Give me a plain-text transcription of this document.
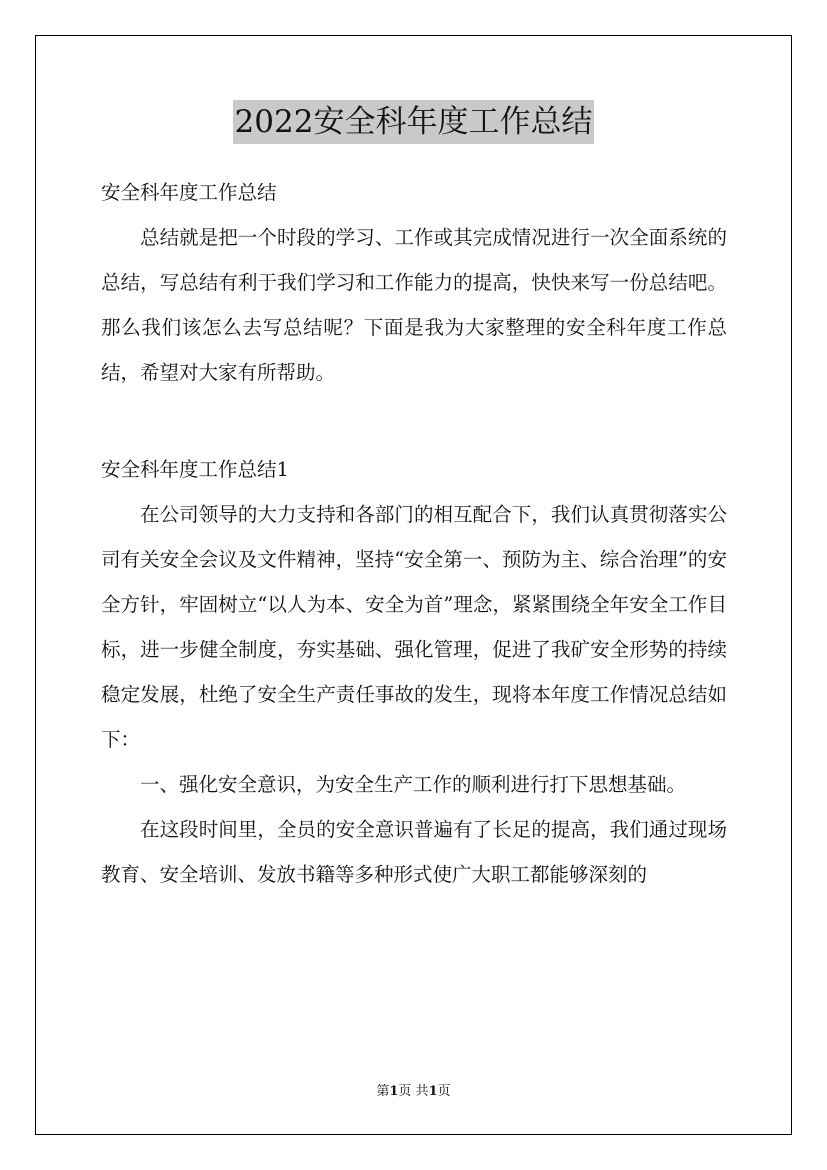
2022安全科年度工作总结

安全科年度工作总结

总结就是把一个时段的学习、工作或其完成情况进行一次全面系统的总结，写总结有利于我们学习和工作能力的提高，快快来写一份总结吧。那么我们该怎么去写总结呢？下面是我为大家整理的安全科年度工作总结，希望对大家有所帮助。

安全科年度工作总结1

在公司领导的大力支持和各部门的相互配合下，我们认真贯彻落实公司有关安全会议及文件精神，坚持“安全第一、预防为主、综合治理”的安全方针，牢固树立“以人为本、安全为首”理念，紧紧围绕全年安全工作目标，进一步健全制度，夯实基础、强化管理，促进了我矿安全形势的持续稳定发展，杜绝了安全生产责任事故的发生，现将本年度工作情况总结如下：

一、强化安全意识，为安全生产工作的顺利进行打下思想基础。

在这段时间里，全员的安全意识普遍有了长足的提高，我们通过现场教育、安全培训、发放书籍等多种形式使广大职工都能够深刻的

第1页 共1页
